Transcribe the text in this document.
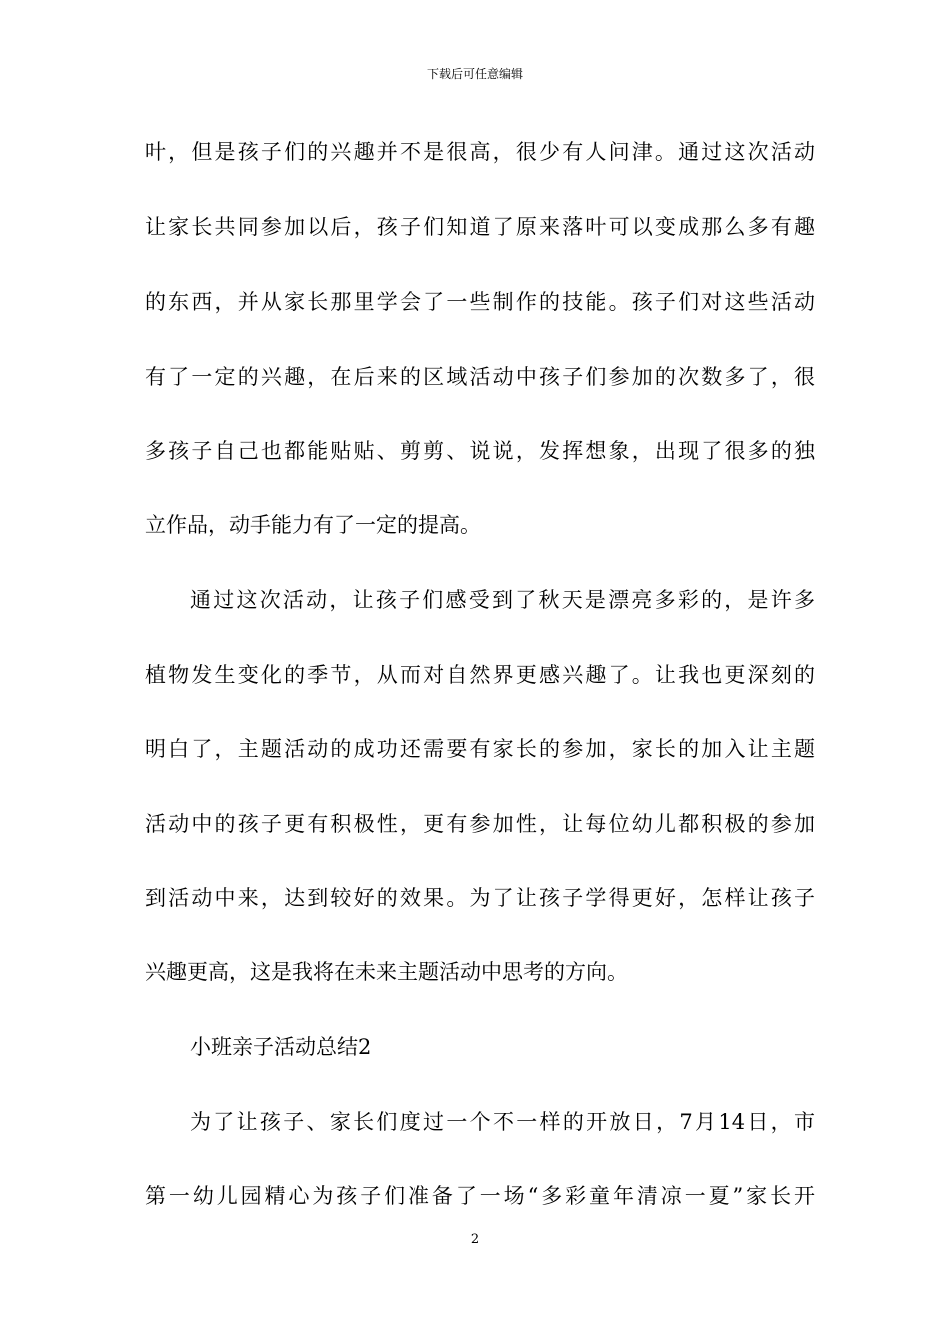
下载后可任意编辑
叶，但是孩子们的兴趣并不是很高，很少有人问津。通过这次活动
让家长共同参加以后，孩子们知道了原来落叶可以变成那么多有趣
的东西，并从家长那里学会了一些制作的技能。孩子们对这些活动
有了一定的兴趣，在后来的区域活动中孩子们参加的次数多了，很
多孩子自己也都能贴贴、剪剪、说说，发挥想象，出现了很多的独
立作品，动手能力有了一定的提高。
通过这次活动，让孩子们感受到了秋天是漂亮多彩的，是许多
植物发生变化的季节，从而对自然界更感兴趣了。让我也更深刻的
明白了，主题活动的成功还需要有家长的参加，家长的加入让主题
活动中的孩子更有积极性，更有参加性，让每位幼儿都积极的参加
到活动中来，达到较好的效果。为了让孩子学得更好，怎样让孩子
兴趣更高，这是我将在未来主题活动中思考的方向。
小班亲子活动总结2
为了让孩子、家长们度过一个不一样的开放日，7月14日，市
第一幼儿园精心为孩子们准备了一场“多彩童年清凉一夏”家长开
2
